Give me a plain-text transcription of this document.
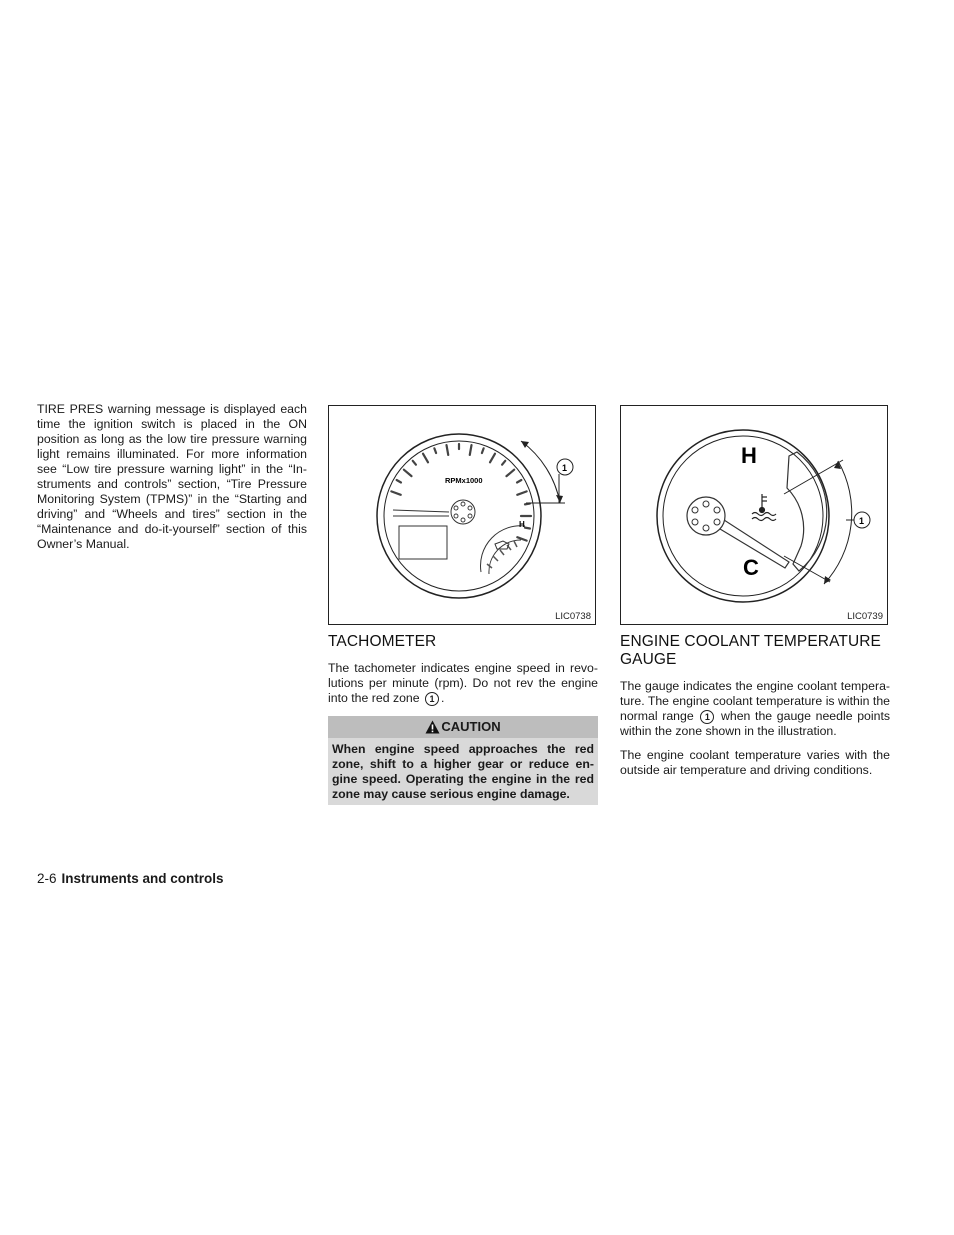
TIRE PRES warning message is displayed each time the ignition switch is placed in the ON position as long as the low tire pressure warning light remains illuminated. For more information see “Low tire pressure warning light” in the “In-struments and controls” section, “Tire Pressure Monitoring System (TPMS)” in the “Starting and driving” and “Wheels and tires” section in the “Maintenance and do-it-yourself” section of this Owner’s Manual.

H
RPMx1000
1
LIC0738
TACHOMETER

The tachometer indicates engine speed in revo-lutions per minute (rpm). Do not rev the engine into the red zone 1 .

CAUTION
When engine speed approaches the red zone, shift to a higher gear or reduce en-gine speed. Operating the engine in the red zone may cause serious engine damage.
H
C
1
LIC0739
ENGINE COOLANT TEMPERATURE GAUGE

The gauge indicates the engine coolant tempera-ture. The engine coolant temperature is within the normal range 1 when the gauge needle points within the zone shown in the illustration.

The engine coolant temperature varies with the outside air temperature and driving conditions.

2-6 Instruments and controls
